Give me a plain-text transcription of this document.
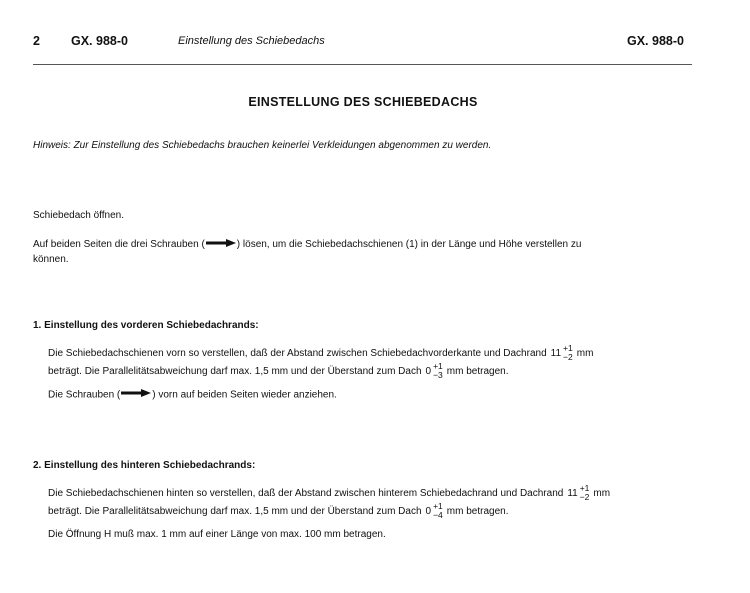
2 GX. 988-0	Einstellung des Schiebedachs	GX. 988-0
EINSTELLUNG DES SCHIEBEDACHS
Hinweis: Zur Einstellung des Schiebedachs brauchen keinerlei Verkleidungen abgenommen zu werden.
Schiebedach öffnen.
Auf beiden Seiten die drei Schrauben (	) lösen, um die Schiebedachschienen (1) in der Länge und Höhe verstellen zu
können.
1. Einstellung des vorderen Schiebedachrands:
Die Schiebedachschienen vorn so verstellen, daß der Abstand zwischen Schiebedachvorderkante und Dachrand 11 +1
−2 mm
beträgt. Die Parallelitätsabweichung darf max. 1,5 mm und der Überstand zum Dach 0 +1
−3 mm betragen.
Die Schrauben (	) vorn auf beiden Seiten wieder anziehen.
2. Einstellung des hinteren Schiebedachrands:
Die Schiebedachschienen hinten so verstellen, daß der Abstand zwischen hinterem Schiebedachrand und Dachrand 11 +1
−2 mm
beträgt. Die Parallelitätsabweichung darf max. 1,5 mm und der Überstand zum Dach 0 +1
−4 mm betragen.
Die Öffnung H muß max. 1 mm auf einer Länge von max. 100 mm betragen.
